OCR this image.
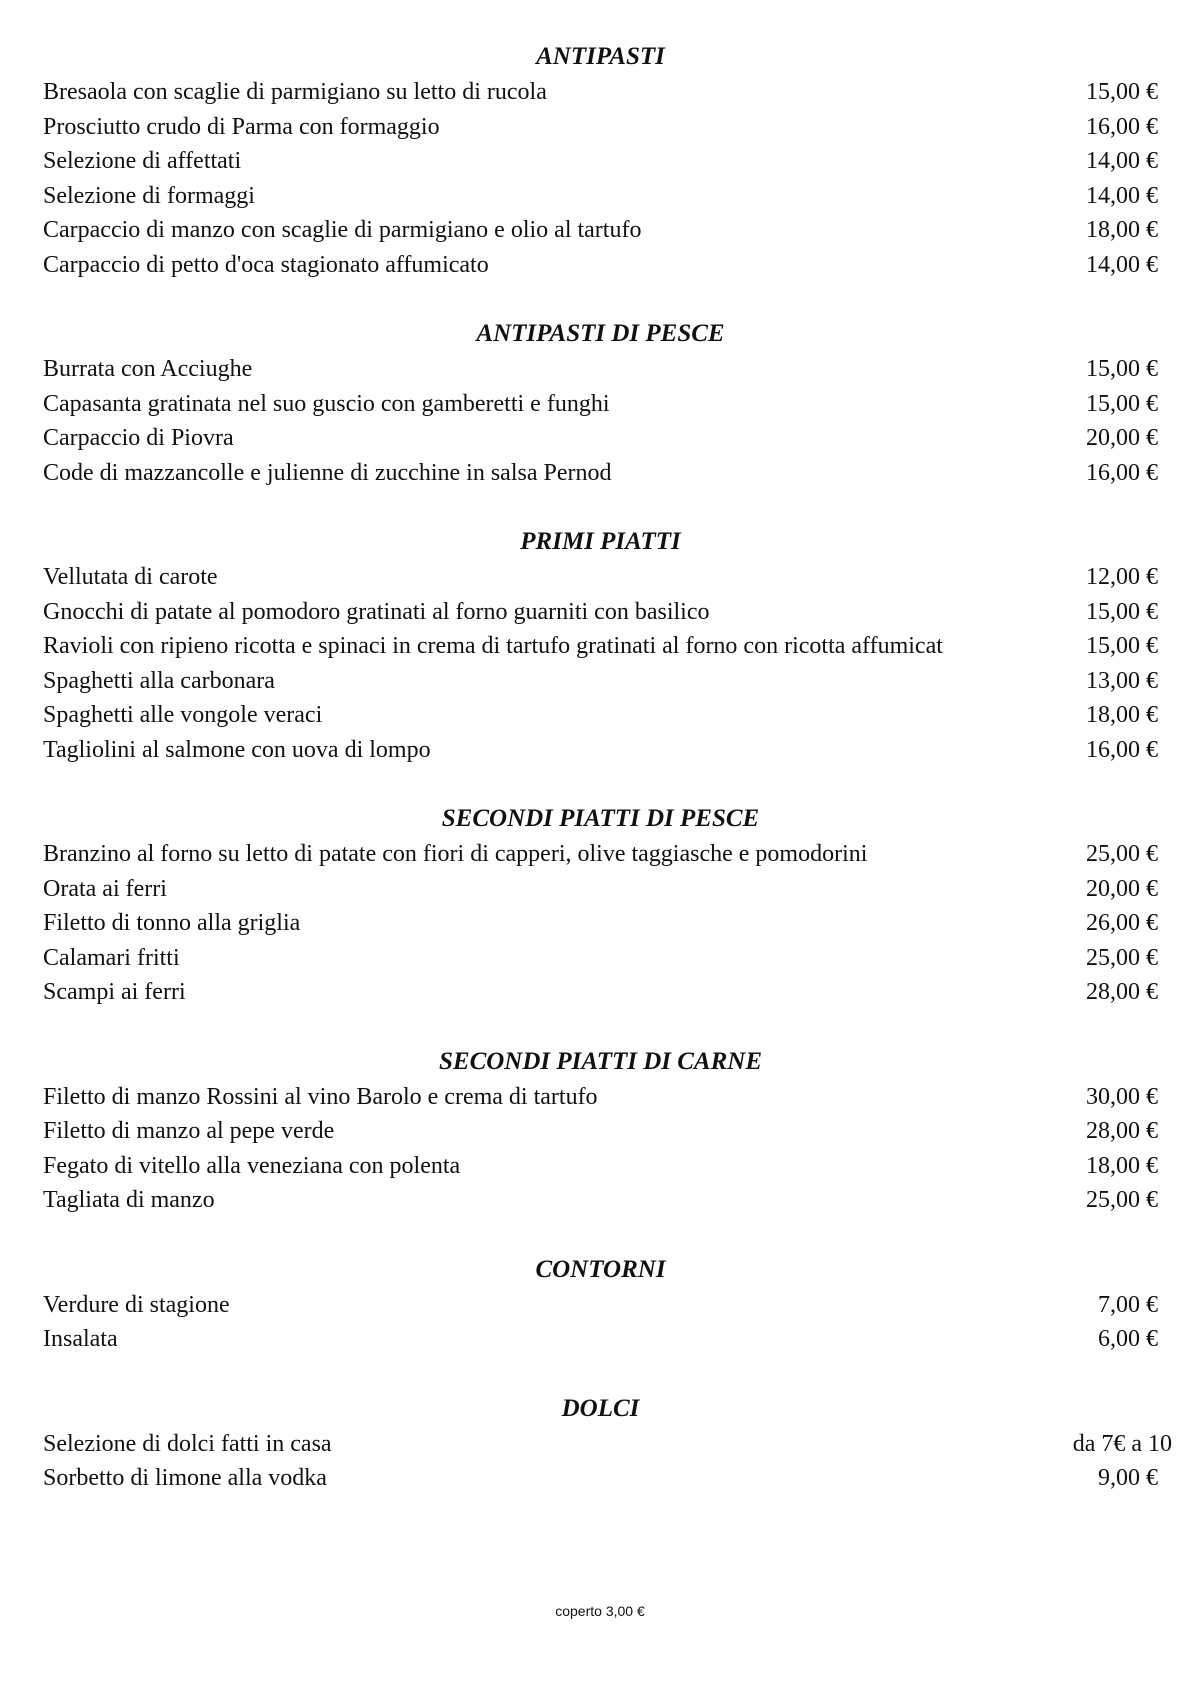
ANTIPASTI
Bresaola con scaglie di parmigiano su letto di rucola	15,00 €
Prosciutto crudo di Parma con formaggio	16,00 €
Selezione di affettati	14,00 €
Selezione di formaggi	14,00 €
Carpaccio di manzo con scaglie di parmigiano e olio al tartufo	18,00 €
Carpaccio di petto d'oca stagionato affumicato	14,00 €
ANTIPASTI DI PESCE
Burrata con Acciughe	15,00 €
Capasanta gratinata nel suo guscio con gamberetti e funghi	15,00 €
Carpaccio di Piovra	20,00 €
Code di mazzancolle e julienne di zucchine in salsa Pernod	16,00 €
PRIMI PIATTI
Vellutata di carote	12,00 €
Gnocchi di patate al pomodoro gratinati al forno guarniti con basilico	15,00 €
Ravioli con ripieno ricotta e spinaci in crema di tartufo gratinati al forno con ricotta affumicat	15,00 €
Spaghetti alla carbonara	13,00 €
Spaghetti alle vongole veraci	18,00 €
Tagliolini al salmone con uova di lompo	16,00 €
SECONDI PIATTI DI PESCE
Branzino al forno su letto di patate con fiori di capperi, olive taggiasche e pomodorini	25,00 €
Orata ai ferri	20,00 €
Filetto di tonno alla griglia	26,00 €
Calamari fritti	25,00 €
Scampi ai ferri	28,00 €
SECONDI PIATTI DI CARNE
Filetto di manzo Rossini al vino Barolo e crema di tartufo	30,00 €
Filetto di manzo al pepe verde	28,00 €
Fegato di vitello alla veneziana con polenta	18,00 €
Tagliata di manzo	25,00 €
CONTORNI
Verdure di stagione	7,00 €
Insalata	6,00 €
DOLCI
Selezione di dolci fatti in casa	da 7€ a 10
Sorbetto di limone alla vodka	9,00 €
coperto 3,00 €
